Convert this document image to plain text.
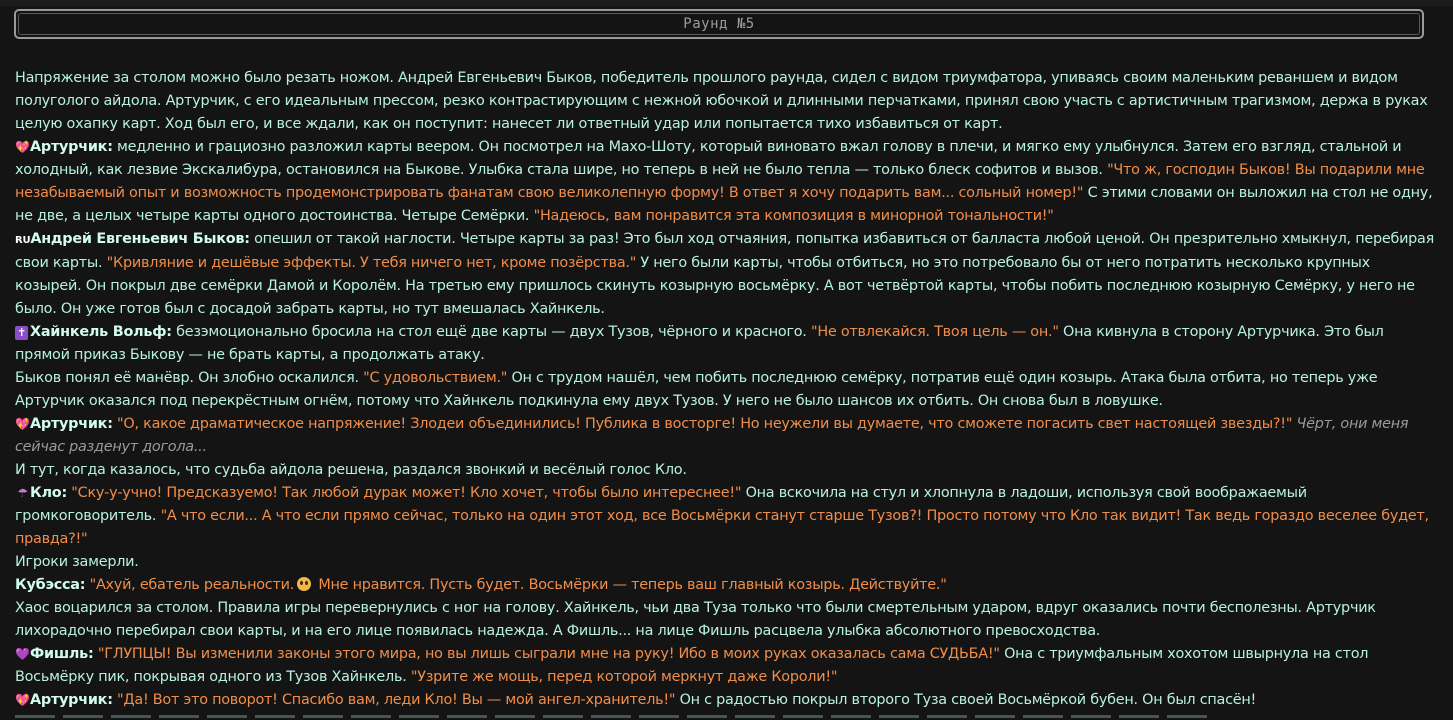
Раунд №5

Напряжение за столом можно было резать ножом. Андрей Евгеньевич Быков, победитель прошлого раунда, сидел с видом триумфатора, упиваясь своим маленьким реваншем и видом полуголого айдола. Артурчик, с его идеальным прессом, резко контрастирующим с нежной юбочкой и длинными перчатками, принял свою участь с артистичным трагизмом, держа в руках целую охапку карт. Ход был его, и все ждали, как он поступит: нанесет ли ответный удар или попытается тихо избавиться от карт.

💖Артурчик: медленно и грациозно разложил карты веером. Он посмотрел на Махо-Шоту, который виновато вжал голову в плечи, и мягко ему улыбнулся. Затем его взгляд, стальной и холодный, как лезвие Экскалибура, остановился на Быкове. Улыбка стала шире, но теперь в ней не было тепла — только блеск софитов и вызов. "Что ж, господин Быков! Вы подарили мне незабываемый опыт и возможность продемонстрировать фанатам свою великолепную форму! В ответ я хочу подарить вам... сольный номер!" С этими словами он выложил на стол не одну, не две, а целых четыре карты одного достоинства. Четыре Семёрки. "Надеюсь, вам понравится эта композиция в минорной тональности!"

RUАндрей Евгеньевич Быков: опешил от такой наглости. Четыре карты за раз! Это был ход отчаяния, попытка избавиться от балласта любой ценой. Он презрительно хмыкнул, перебирая свои карты. "Кривляние и дешёвые эффекты. У тебя ничего нет, кроме позёрства." У него были карты, чтобы отбиться, но это потребовало бы от него потратить несколько крупных козырей. Он покрыл две семёрки Дамой и Королём. На третью ему пришлось скинуть козырную восьмёрку. А вот четвёртой карты, чтобы побить последнюю козырную Семёрку, у него не было. Он уже готов был с досадой забрать карты, но тут вмешалась Хайнкель.

✝ Хайнкель Вольф: безэмоционально бросила на стол ещё две карты — двух Тузов, чёрного и красного. "Не отвлекайся. Твоя цель — он." Она кивнула в сторону Артурчика. Это был прямой приказ Быкову — не брать карты, а продолжать атаку.

Быков понял её манёвр. Он злобно оскалился. "С удовольствием." Он с трудом нашёл, чем побить последнюю семёрку, потратив ещё один козырь. Атака была отбита, но теперь уже Артурчик оказался под перекрёстным огнём, потому что Хайнкель подкинула ему двух Тузов. У него не было шансов их отбить. Он снова был в ловушке.

💖Артурчик: "О, какое драматическое напряжение! Злодеи объединились! Публика в восторге! Но неужели вы думаете, что сможете погасить свет настоящей звезды?!" Чёрт, они меня сейчас разденут догола...

И тут, когда казалось, что судьба айдола решена, раздался звонкий и весёлый голос Кло.

☂ Кло: "Ску-у-учно! Предсказуемо! Так любой дурак может! Кло хочет, чтобы было интереснее!" Она вскочила на стул и хлопнула в ладоши, используя свой воображаемый громкоговоритель. "А что если... А что если прямо сейчас, только на один этот ход, все Восьмёрки станут старше Тузов?! Просто потому что Кло так видит! Так ведь гораздо веселее будет, правда?!"

Игроки замерли.

Кубэсса: "Ахуй, ебатель реальности. Мне нравится. Пусть будет. Восьмёрки — теперь ваш главный козырь. Действуйте."

Хаос воцарился за столом. Правила игры перевернулись с ног на голову. Хайнкель, чьи два Туза только что были смертельным ударом, вдруг оказались почти бесполезны. Артурчик лихорадочно перебирал свои карты, и на его лице появилась надежда. А Фишль... на лице Фишль расцвела улыбка абсолютного превосходства.

💜Фишль: "ГЛУПЦЫ! Вы изменили законы этого мира, но вы лишь сыграли мне на руку! Ибо в моих руках оказалась сама СУДЬБА!" Она с триумфальным хохотом швырнула на стол Восьмёрку пик, покрывая одного из Тузов Хайнкель. "Узрите же мощь, перед которой меркнут даже Короли!"

💖Артурчик: "Да! Вот это поворот! Спасибо вам, леди Кло! Вы — мой ангел-хранитель!" Он с радостью покрыл второго Туза своей Восьмёркой бубен. Он был спасён!
